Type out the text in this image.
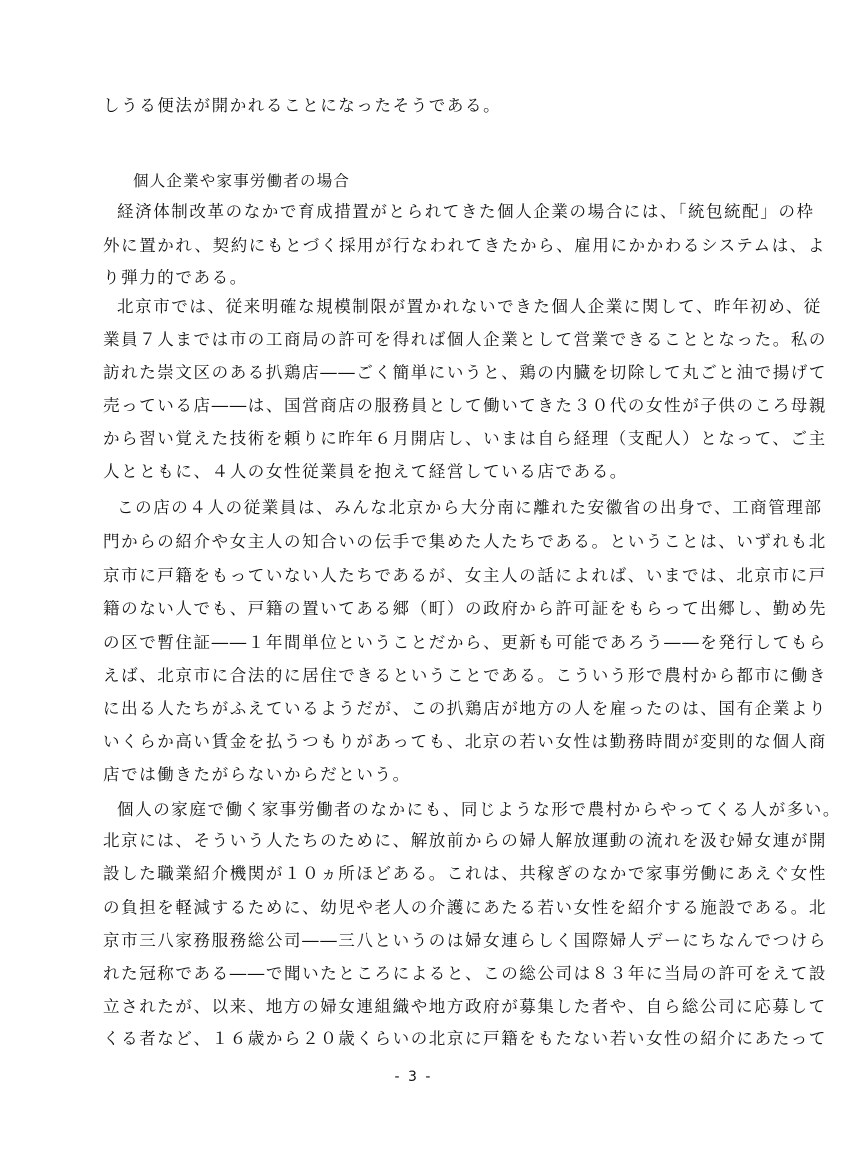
しうる便法が開かれることになったそうである。
個人企業や家事労働者の場合
経済体制改革のなかで育成措置がとられてきた個人企業の場合には、「統包統配」の枠
外に置かれ、契約にもとづく採用が行なわれてきたから、雇用にかかわるシステムは、よ
り弾力的である。
北京市では、従来明確な規模制限が置かれないできた個人企業に関して、昨年初め、従
業員７人までは市の工商局の許可を得れば個人企業として営業できることとなった。私の
訪れた崇文区のある扒鶏店――ごく簡単にいうと、鶏の内臓を切除して丸ごと油で揚げて
売っている店――は、国営商店の服務員として働いてきた３０代の女性が子供のころ母親
から習い覚えた技術を頼りに昨年６月開店し、いまは自ら経理（支配人）となって、ご主
人とともに、４人の女性従業員を抱えて経営している店である。
この店の４人の従業員は、みんな北京から大分南に離れた安徽省の出身で、工商管理部
門からの紹介や女主人の知合いの伝手で集めた人たちである。ということは、いずれも北
京市に戸籍をもっていない人たちであるが、女主人の話によれば、いまでは、北京市に戸
籍のない人でも、戸籍の置いてある郷（町）の政府から許可証をもらって出郷し、勤め先
の区で暫住証――１年間単位ということだから、更新も可能であろう――を発行してもら
えば、北京市に合法的に居住できるということである。こういう形で農村から都市に働き
に出る人たちがふえているようだが、この扒鶏店が地方の人を雇ったのは、国有企業より
いくらか高い賃金を払うつもりがあっても、北京の若い女性は勤務時間が変則的な個人商
店では働きたがらないからだという。
個人の家庭で働く家事労働者のなかにも、同じような形で農村からやってくる人が多い。
北京には、そういう人たちのために、解放前からの婦人解放運動の流れを汲む婦女連が開
設した職業紹介機関が１０ヵ所ほどある。これは、共稼ぎのなかで家事労働にあえぐ女性
の負担を軽減するために、幼児や老人の介護にあたる若い女性を紹介する施設である。北
京市三八家務服務総公司――三八というのは婦女連らしく国際婦人デーにちなんでつけら
れた冠称である――で聞いたところによると、この総公司は８３年に当局の許可をえて設
立されたが、以来、地方の婦女連組織や地方政府が募集した者や、自ら総公司に応募して
くる者など、１６歳から２０歳くらいの北京に戸籍をもたない若い女性の紹介にあたって
- 3 -
